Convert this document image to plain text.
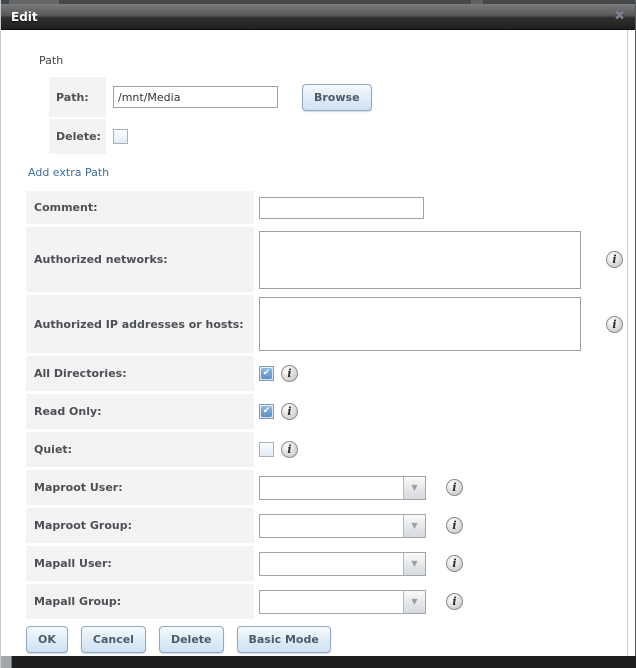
Edit	✖
Path
Path:
/mnt/Media	Browse
Delete:
Add extra Path
Comment:
Authorized networks:	i
Authorized IP addresses or hosts:	i
All Directories:	✔ i
Read Only:	✔ i
Quiet:	i
Maproot User:	▼	i
Maproot Group:	▼	i
Mapall User:	▼	i
Mapall Group:	▼	i
OK	Cancel	Delete	Basic Mode
